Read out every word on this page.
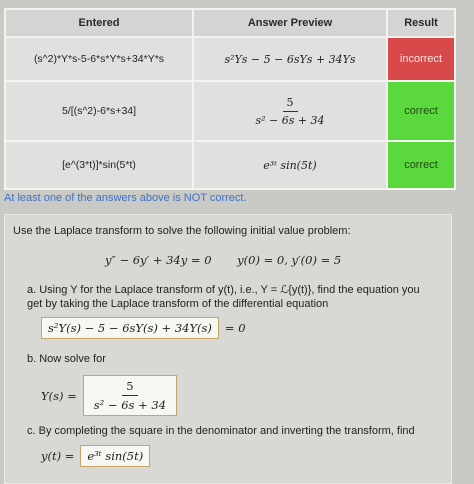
Entered	Answer Preview	Result
(s^2)*Y*s-5-6*s*Y*s+34*Y*s	s²Ys − 5 − 6sYs + 34Ys	incorrect
5/[(s^2)-6*s+34]	$\frac{5}{\text{s² − 6s + 34}}$	correct
[e^(3*t)]*sin(5*t)	e³ᵗ sin(5t)	correct
At least one of the answers above is NOT correct.
Use the Laplace transform to solve the following initial value problem:
y″ − 6y′ + 34y = 0 y(0) = 0, y′(0) = 5
a. Using Y for the Laplace transform of y(t), i.e., Y = ℒ{y(t)}, find the equation you get by taking the Laplace transform of the differential equation
s²Y(s) − 5 − 6sY(s) + 34Y(s)	= 0
b. Now solve for
$Y(s) = \frac{5}{\text{s² − 6s + 34}}$
c. By completing the square in the denominator and inverting the transform, find
y(t) =	e³ᵗ sin(5t)
